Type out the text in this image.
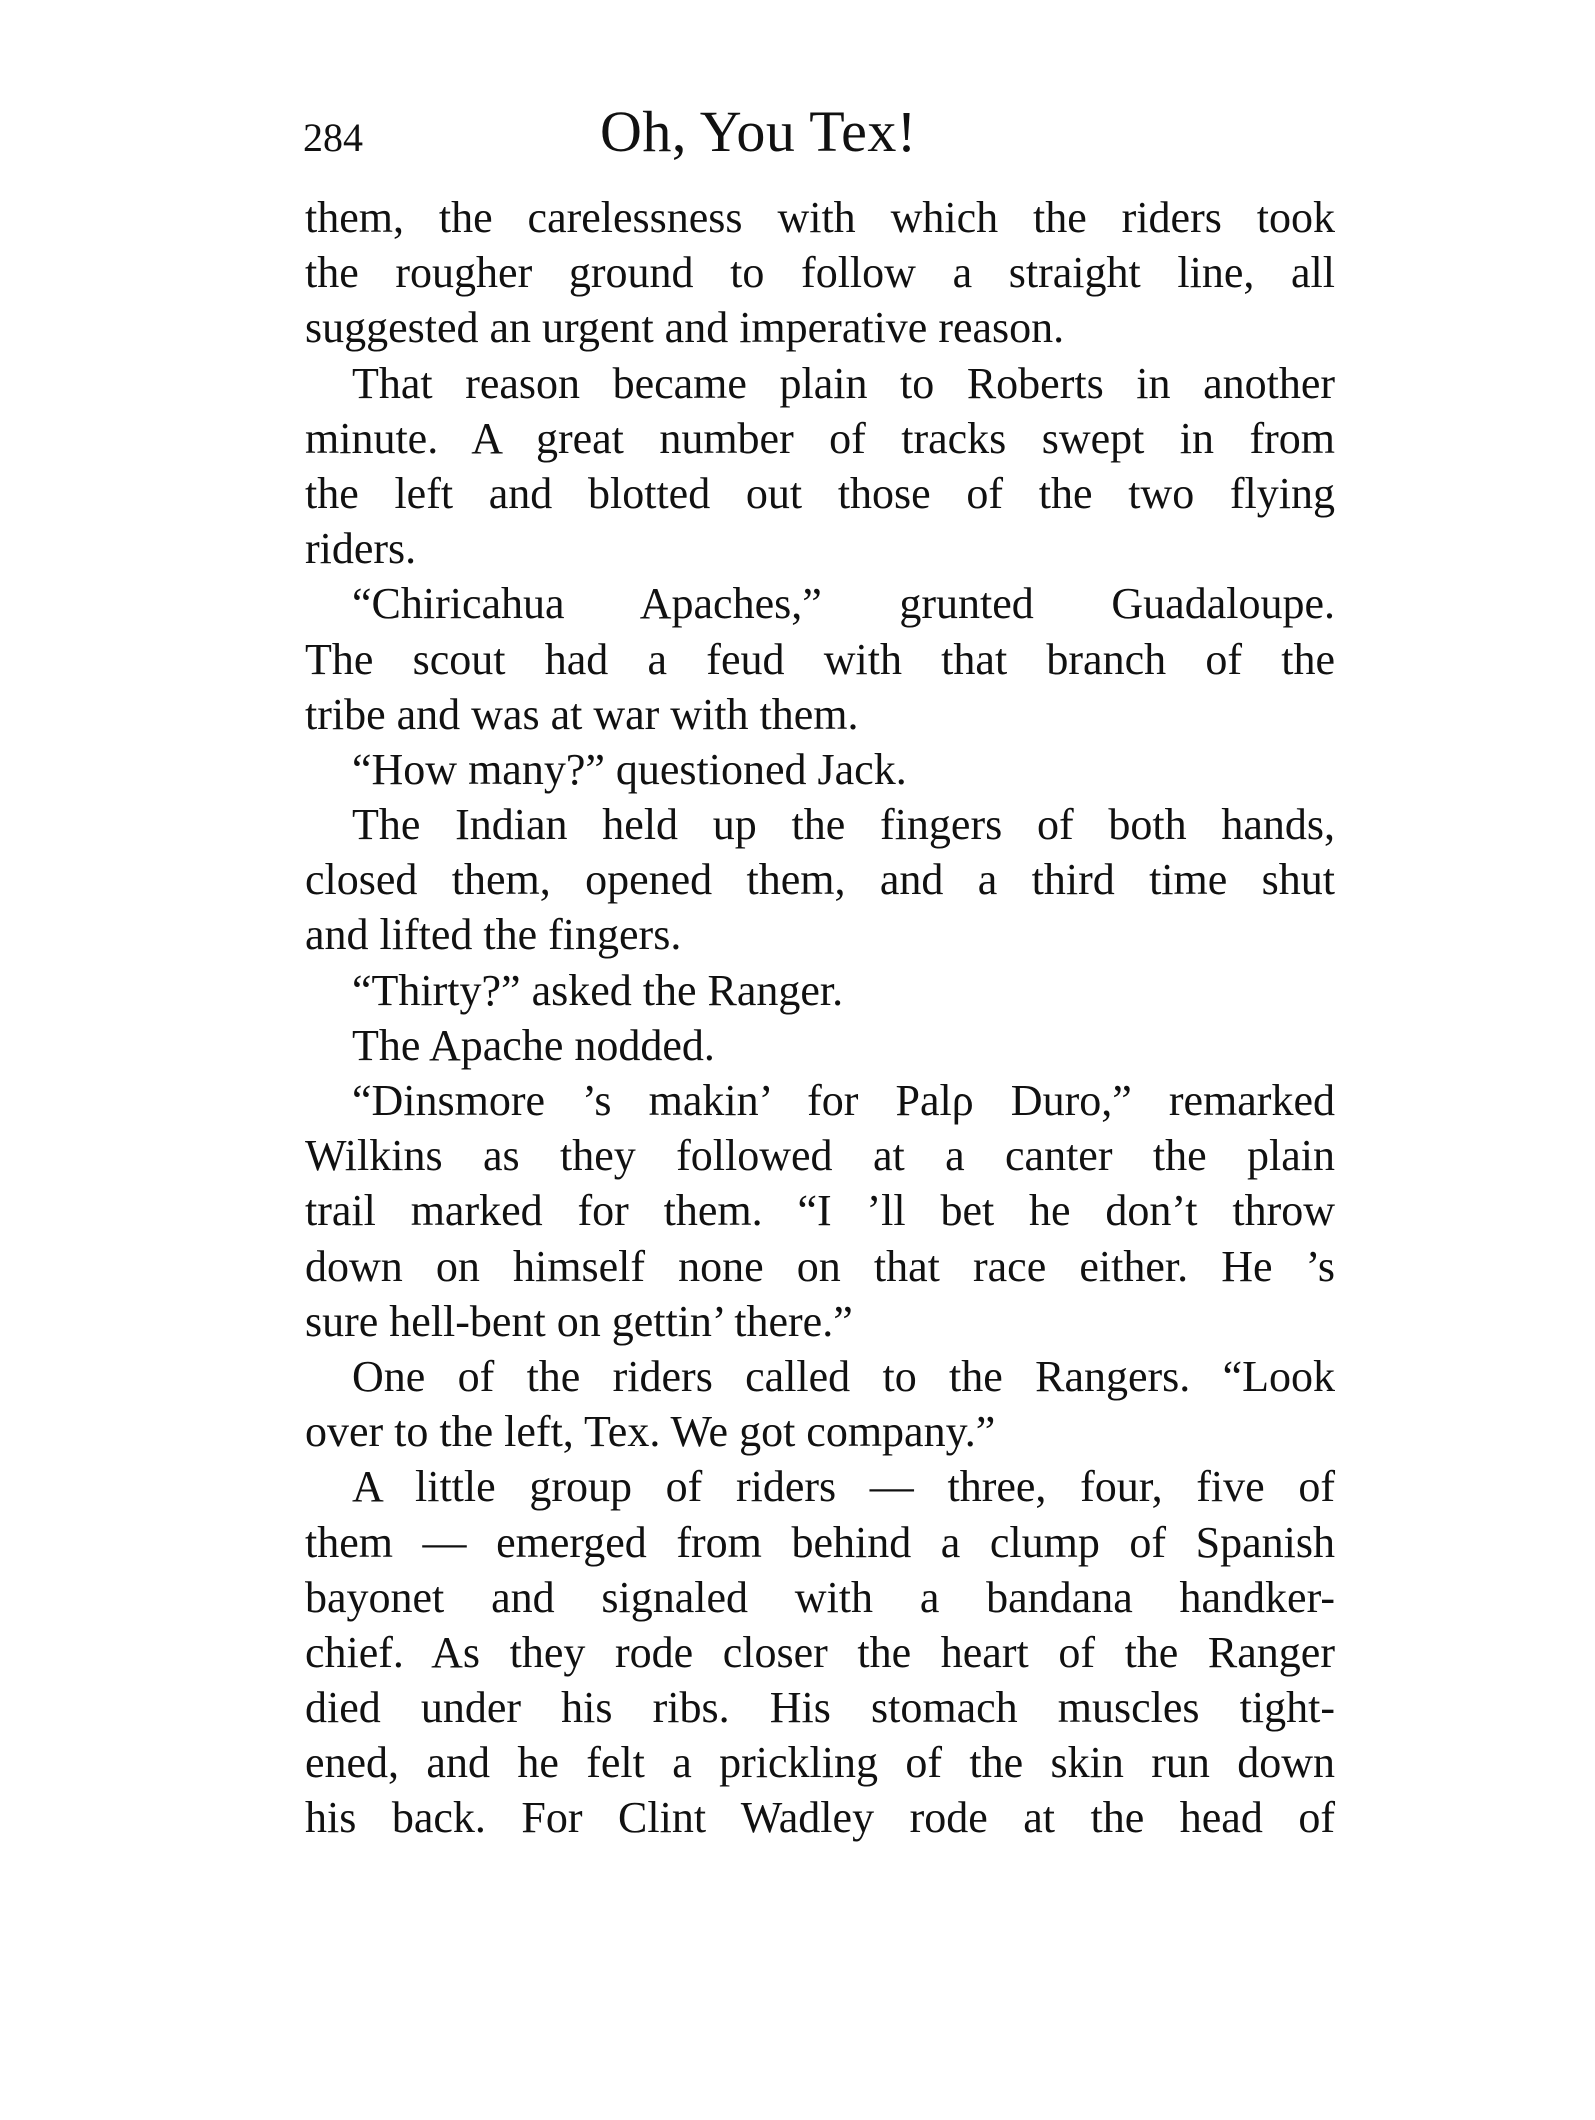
284	Oh, You Tex!
them, the carelessness with which the riders took
the rougher ground to follow a straight line, all
suggested an urgent and imperative reason.
That reason became plain to Roberts in another
minute. A great number of tracks swept in from
the left and blotted out those of the two flying
riders.
“Chiricahua Apaches,” grunted Guadaloupe.
The scout had a feud with that branch of the
tribe and was at war with them.
“How many?” questioned Jack.
The Indian held up the fingers of both hands,
closed them, opened them, and a third time shut
and lifted the fingers.
“Thirty?” asked the Ranger.
The Apache nodded.
“Dinsmore ’s makin’ for Palρ Duro,” remarked
Wilkins as they followed at a canter the plain
trail marked for them. “I ’ll bet he don’t throw
down on himself none on that race either. He ’s
sure hell-bent on gettin’ there.”
One of the riders called to the Rangers. “Look
over to the left, Tex. We got company.”
A little group of riders — three, four, five of
them — emerged from behind a clump of Spanish
bayonet and signaled with a bandana handker-
chief. As they rode closer the heart of the Ranger
died under his ribs. His stomach muscles tight-
ened, and he felt a prickling of the skin run down
his back. For Clint Wadley rode at the head of
